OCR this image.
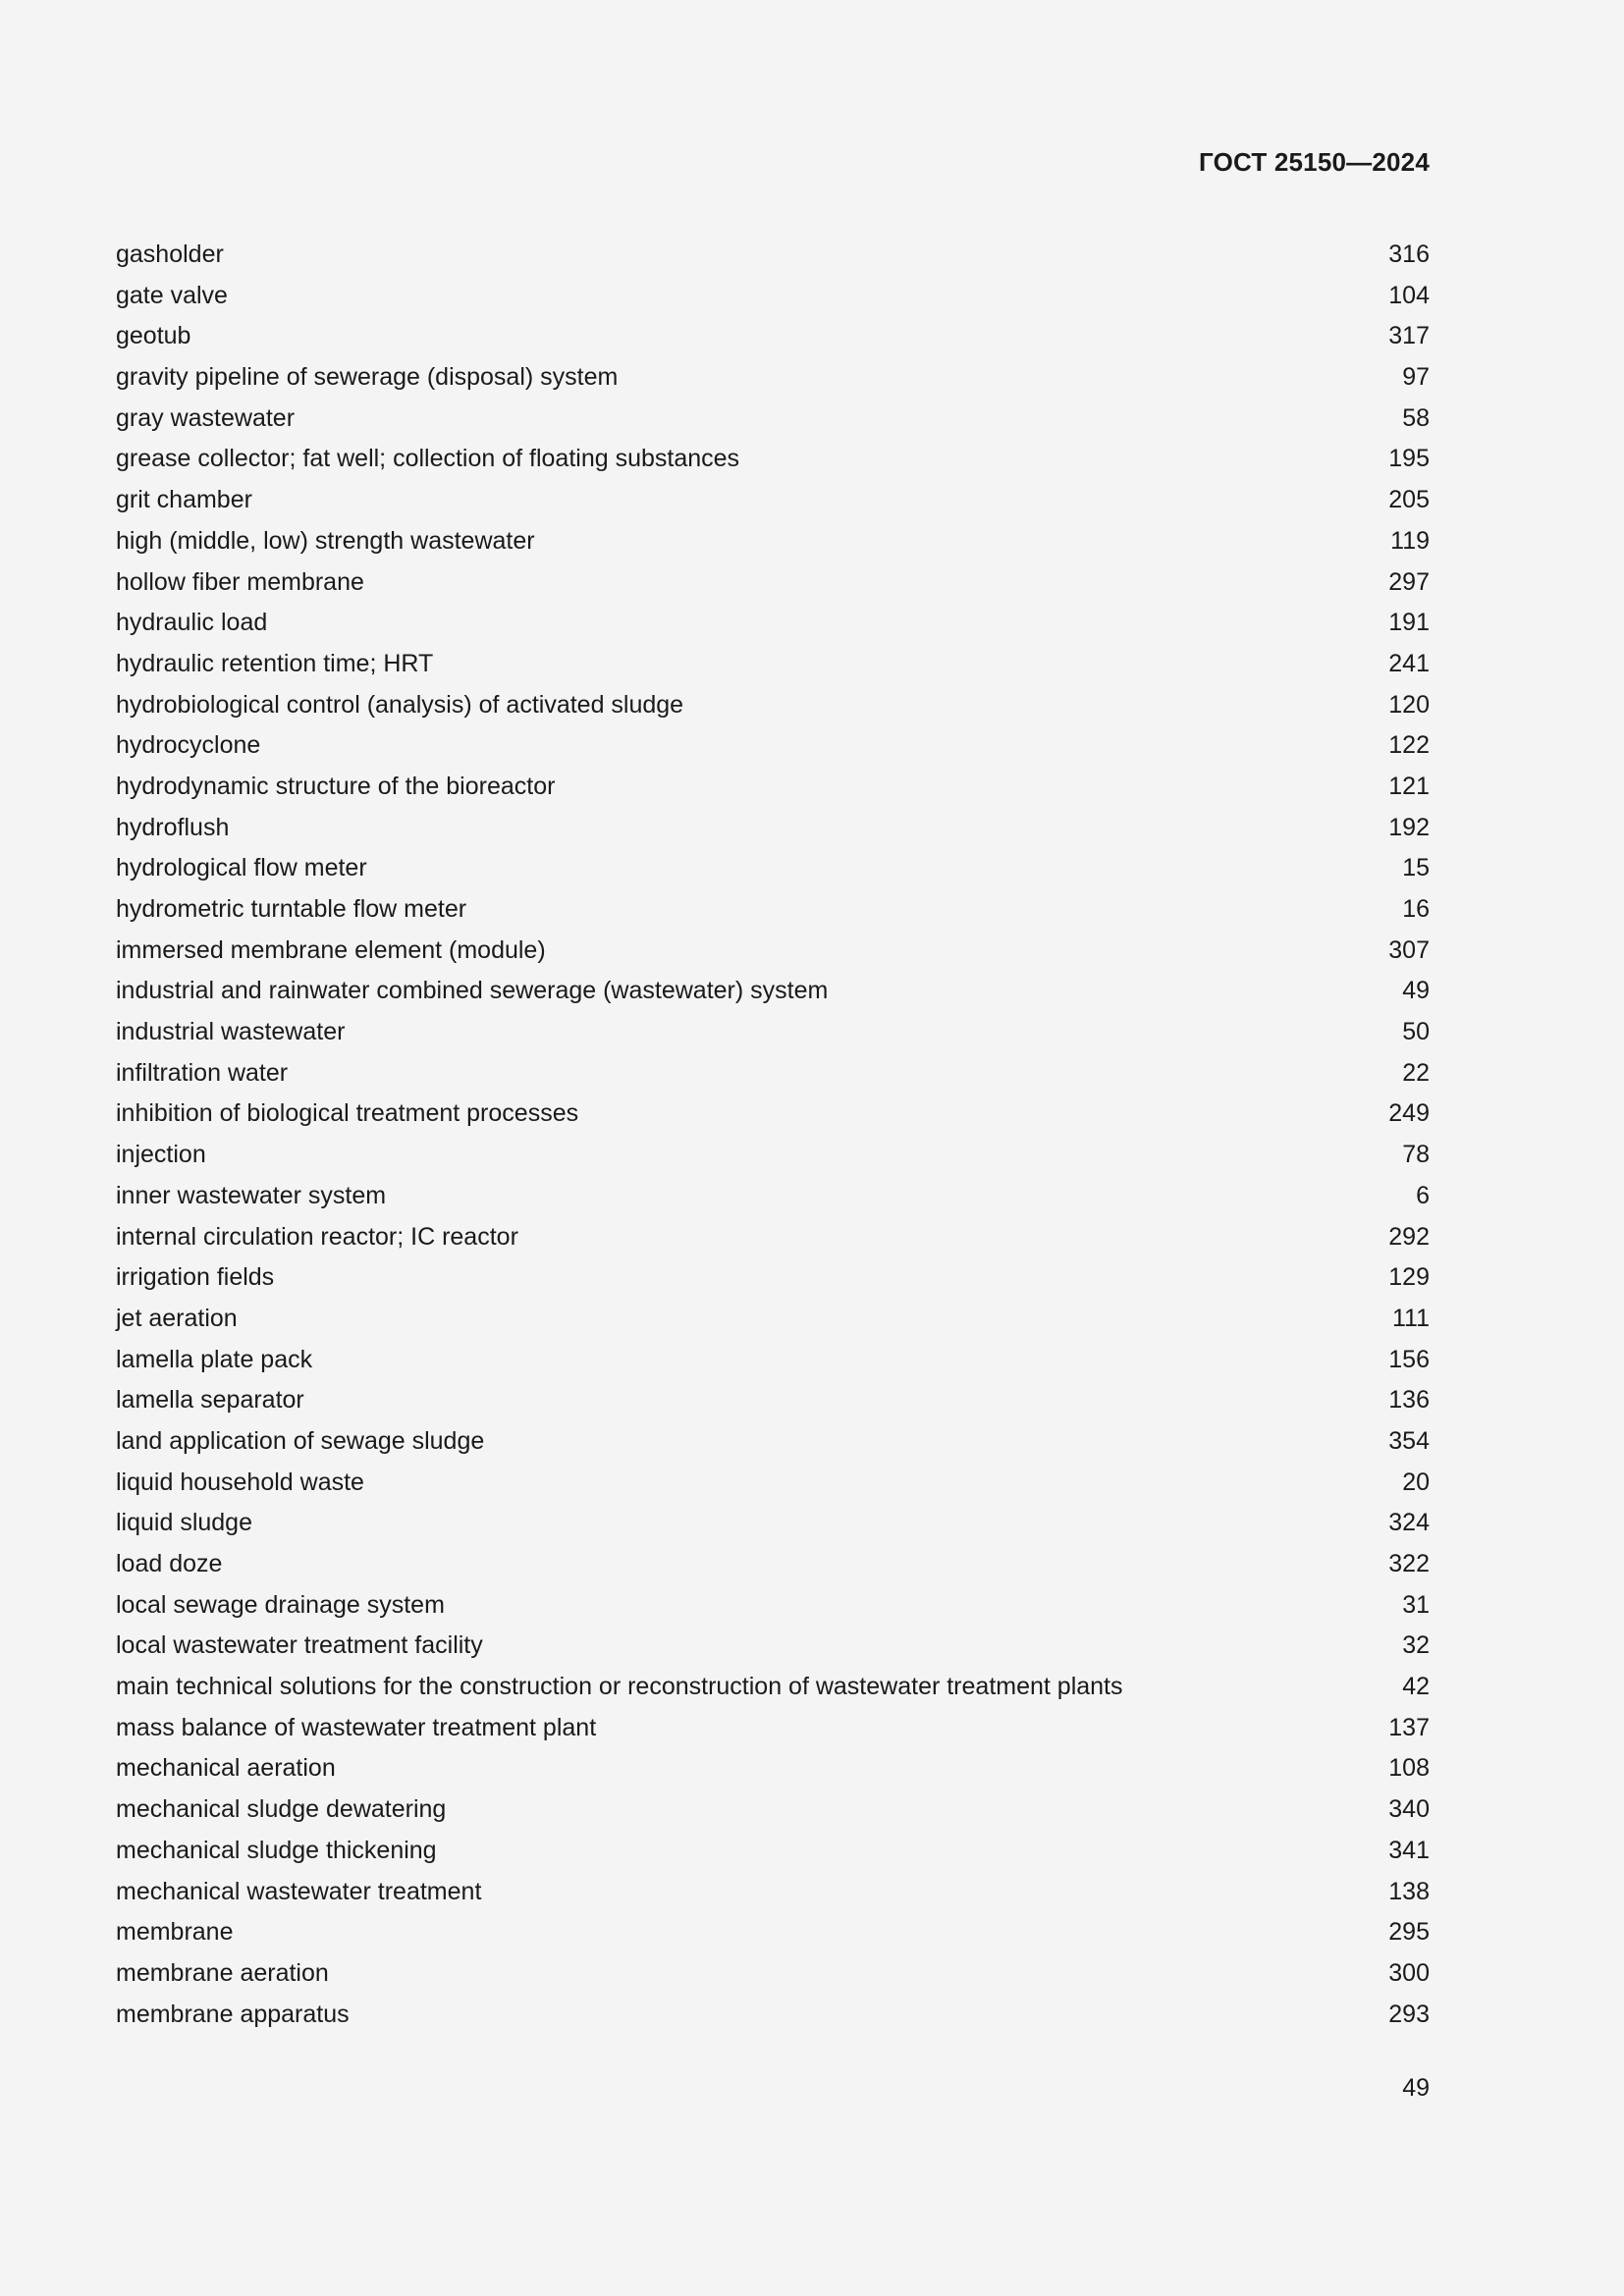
ГОСТ 25150—2024
gasholder	316
gate valve	104
geotub	317
gravity pipeline of sewerage (disposal) system	97
gray wastewater	58
grease collector; fat well; collection of floating substances	195
grit chamber	205
high (middle, low) strength wastewater	119
hollow fiber membrane	297
hydraulic load	191
hydraulic retention time; HRT	241
hydrobiological control (analysis) of activated sludge	120
hydrocyclone	122
hydrodynamic structure of the bioreactor	121
hydroflush	192
hydrological flow meter	15
hydrometric turntable flow meter	16
immersed membrane element (module)	307
industrial and rainwater combined sewerage (wastewater) system	49
industrial wastewater	50
infiltration water	22
inhibition of biological treatment processes	249
injection	78
inner wastewater system	6
internal circulation reactor; IC reactor	292
irrigation fields	129
jet aeration	111
lamella plate pack	156
lamella separator	136
land application of sewage sludge	354
liquid household waste	20
liquid sludge	324
load doze	322
local sewage drainage system	31
local wastewater treatment facility	32
main technical solutions for the construction or reconstruction of wastewater treatment plants	42
mass balance of wastewater treatment plant	137
mechanical aeration	108
mechanical sludge dewatering	340
mechanical sludge thickening	341
mechanical wastewater treatment	138
membrane	295
membrane aeration	300
membrane apparatus	293
49
